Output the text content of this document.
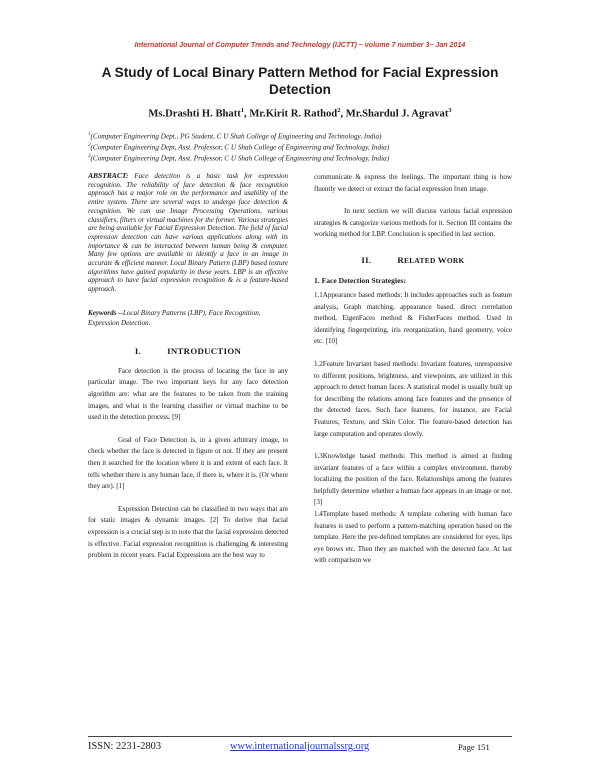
International Journal of Computer Trends and Technology (IJCTT) – volume 7 number 3– Jan 2014
A Study of Local Binary Pattern Method for Facial Expression Detection
Ms.Drashti H. Bhatt$^1$, Mr.Kirit R. Rathod$^2$, Mr.Shardul J. Agravat$^3$
$^1$(Computer Engineering Dept., PG Student, C U Shah College of Engineering and Technology, India)
$^2$(Computer Engineering Dept, Asst. Professor, C U Shah College of Engineering and Technology, India)
$^3$(Computer Engineering Dept, Asst. Professor, C U Shah College of Engineering and Technology, India)
ABSTRACT: Face detection is a basic task for expression recognition. The reliability of face detection & face recognition approach has a major role on the performance and usability of the entire system. There are several ways to undergo face detection & recognition. We can use Image Processing Operations, various classifiers, filters or virtual machines for the former. Various strategies are being available for Facial Expression Detection. The field of facial expression detection can have various applications along with its importance & can be interacted between human being & computer. Many few options are available to identify a face in an image in accurate & efficient manner. Local Binary Pattern (LBP) based texture algorithms have gained popularity in these years. LBP is an effective approach to have facial expression recognition & is a feature-based approach.
Keywords --Local Binary Patterns (LBP), Face Recognition, Expression Detection.
I.	INTRODUCTION
Face detection is the process of locating the face in any particular image. The two important keys for any face detection algorithm are: what are the features to be taken from the training images, and what is the learning classifier or virtual machine to be used in the detection process. [9]
Goal of Face Detection is, in a given arbitrary image, to check whether the face is detected in figure or not. If they are present then it searched for the location where it is and extent of each face. It tells whether there is any human face, if there is, where it is. (Or where they are). [1]
Expression Detection can be classified in two ways that are for static images & dynamic images. [2] To derive that facial expression is a crucial step is to note that the facial expression detected is effective. Facial expression recognition is challenging & interesting problem in recent years. Facial Expressions are the best way to
communicate & express the feelings. The important thing is how fluently we detect or extract the facial expression from image.
In next section we will discuss various facial expression strategies & categorize various methods for it. Section III contains the working method for LBP. Conclusion is specified in last section.
II.	RELATED WORK
1. Face Detection Strategies:
1.1Appearance based methods: It includes approaches such as feature analysis, Graph matching, appearance based, direct correlation method, EigenFaces method & FisherFaces method. Used in identifying fingerprinting, iris reorganization, hand geometry, voice etc. [10]
1.2Feature Invariant based methods: Invariant features, unresponsive to different positions, brightness, and viewpoints, are utilized in this approach to detect human faces. A statistical model is usually built up for describing the relations among face features and the presence of the detected faces. Such face features, for instance, are Facial Features, Texture, and Skin Color. The feature-based detection has large computation and operates slowly.
1.3Knowledge based methods: This method is aimed at finding invariant features of a face within a complex environment, thereby localizing the position of the face. Relationships among the features helpfully determine whether a human face appears in an image or not. [3]
1.4Template based methods: A template cohering with human face features is used to perform a pattern-matching operation based on the template. Here the pre-defined templates are considered for eyes, lips eye brows etc. Then they are matched with the detected face. At last with comparison we
ISSN: 2231-2803	www.internationaljournalssrg.org	Page 151
